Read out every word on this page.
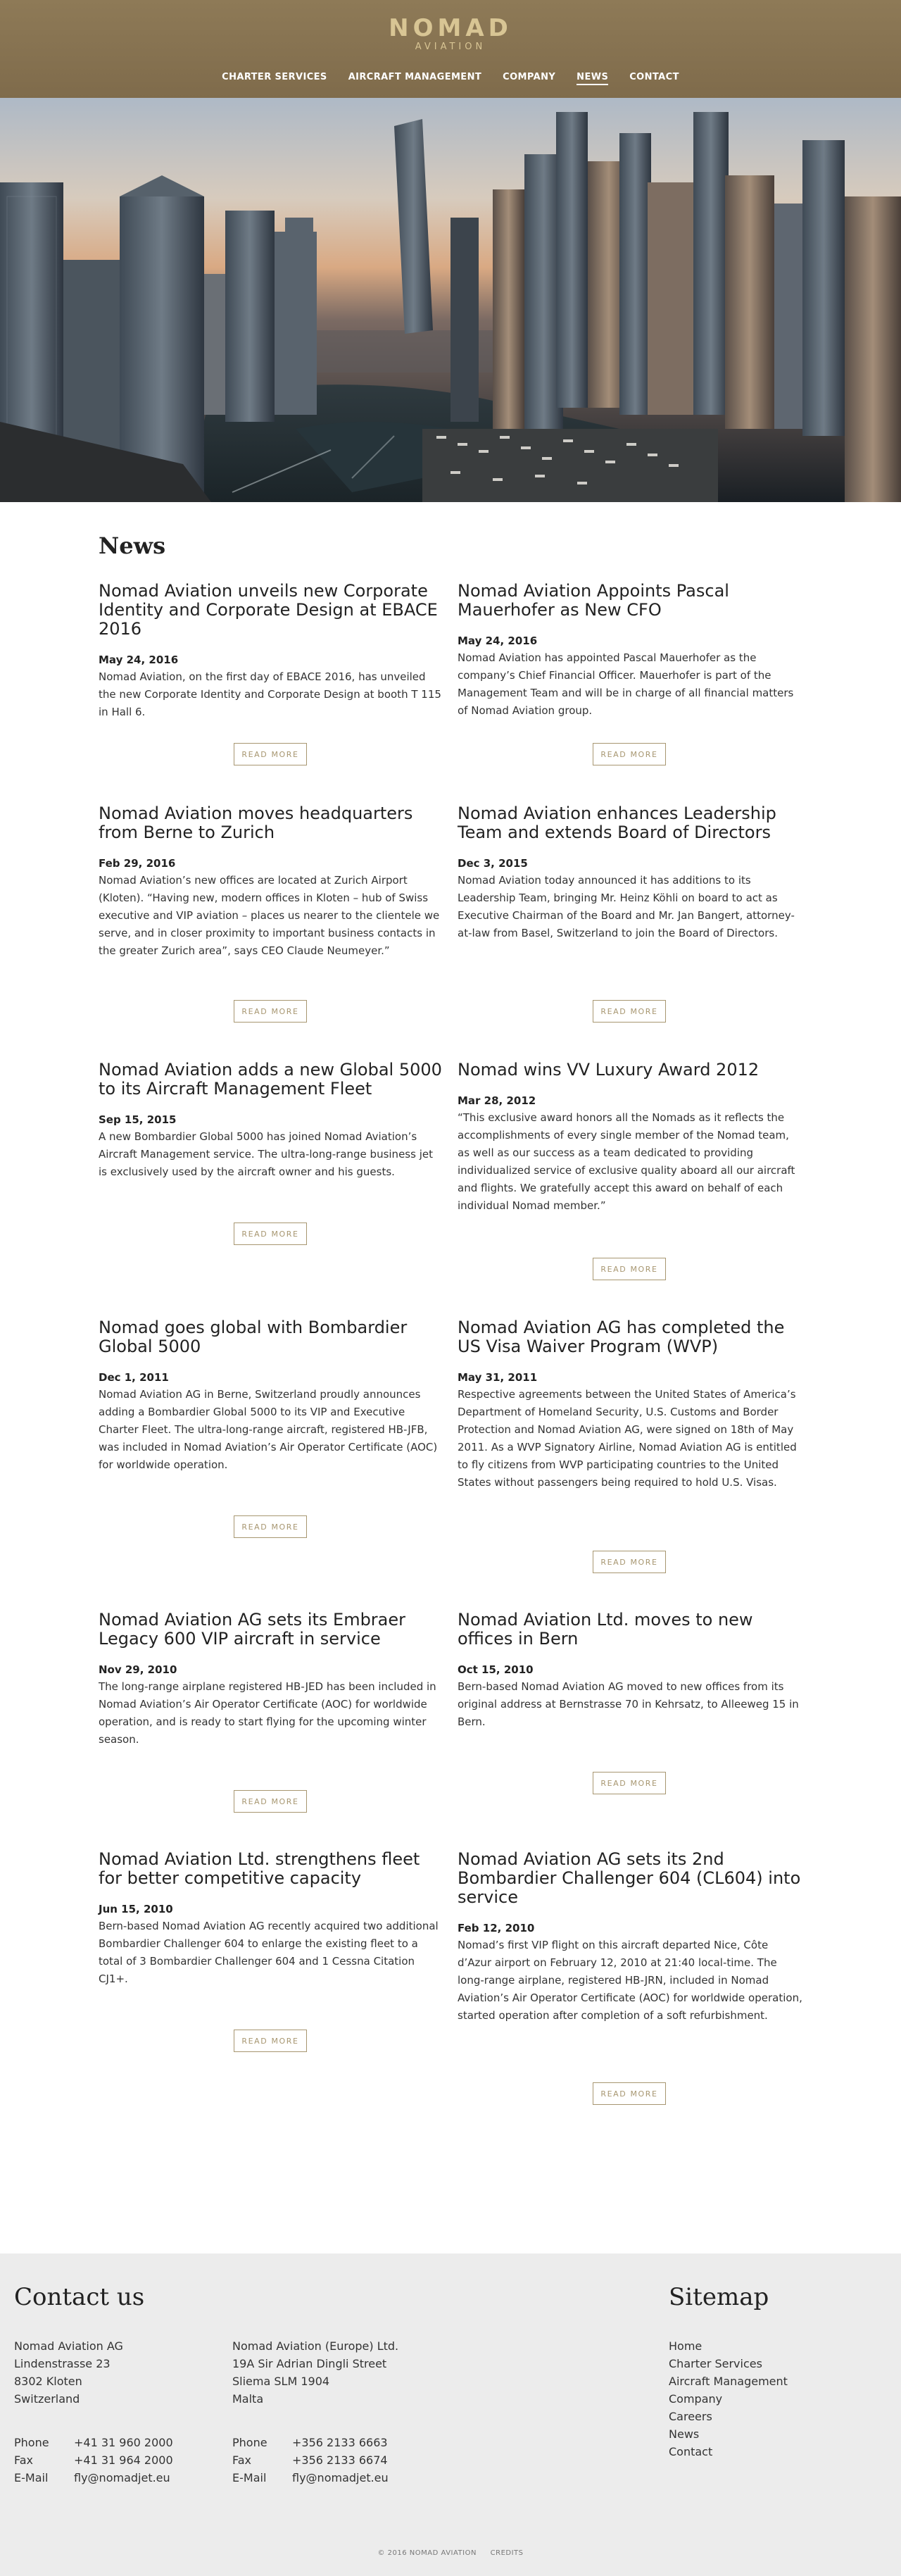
NOMAD
AVIATION
CHARTER SERVICES AIRCRAFT MANAGEMENT COMPANY NEWS CONTACT
News
Nomad Aviation unveils new Corporate Identity and Corporate Design at EBACE 2016
May 24, 2016
Nomad Aviation, on the first day of EBACE 2016, has unveiled the new Corporate Identity and Corporate Design at booth T 115 in Hall 6.
READ MORE
Nomad Aviation Appoints Pascal Mauerhofer as New CFO
May 24, 2016
Nomad Aviation has appointed Pascal Mauerhofer as the company’s Chief Financial Officer. Mauerhofer is part of the Management Team and will be in charge of all financial matters of Nomad Aviation group.
READ MORE
Nomad Aviation moves headquarters from Berne to Zurich
Feb 29, 2016
Nomad Aviation’s new offices are located at Zurich Airport (Kloten). “Having new, modern offices in Kloten – hub of Swiss executive and VIP aviation – places us nearer to the clientele we serve, and in closer proximity to important business contacts in the greater Zurich area”, says CEO Claude Neumeyer.”
READ MORE
Nomad Aviation enhances Leadership Team and extends Board of Directors
Dec 3, 2015
Nomad Aviation today announced it has additions to its Leadership Team, bringing Mr. Heinz Köhli on board to act as Executive Chairman of the Board and Mr. Jan Bangert, attorney-at-law from Basel, Switzerland to join the Board of Directors.
READ MORE
Nomad Aviation adds a new Global 5000 to its Aircraft Management Fleet
Sep 15, 2015
A new Bombardier Global 5000 has joined Nomad Aviation’s Aircraft Management service. The ultra-long-range business jet is exclusively used by the aircraft owner and his guests.
READ MORE
Nomad wins VV Luxury Award 2012
Mar 28, 2012
“This exclusive award honors all the Nomads as it reflects the accomplishments of every single member of the Nomad team, as well as our success as a team dedicated to providing individualized service of exclusive quality aboard all our aircraft and flights. We gratefully accept this award on behalf of each individual Nomad member.”
READ MORE
Nomad goes global with Bombardier Global 5000
Dec 1, 2011
Nomad Aviation AG in Berne, Switzerland proudly announces adding a Bombardier Global 5000 to its VIP and Executive Charter Fleet. The ultra-long-range aircraft, registered HB-JFB, was included in Nomad Aviation’s Air Operator Certificate (AOC) for worldwide operation.
READ MORE
Nomad Aviation AG has completed the US Visa Waiver Program (WVP)
May 31, 2011
Respective agreements between the United States of America’s Department of Homeland Security, U.S. Customs and Border Protection and Nomad Aviation AG, were signed on 18th of May 2011. As a WVP Signatory Airline, Nomad Aviation AG is entitled to fly citizens from WVP participating countries to the United States without passengers being required to hold U.S. Visas.
READ MORE
Nomad Aviation AG sets its Embraer Legacy 600 VIP aircraft in service
Nov 29, 2010
The long-range airplane registered HB-JED has been included in Nomad Aviation’s Air Operator Certificate (AOC) for worldwide operation, and is ready to start flying for the upcoming winter season.
READ MORE
Nomad Aviation Ltd. moves to new offices in Bern
Oct 15, 2010
Bern-based Nomad Aviation AG moved to new offices from its original address at Bernstrasse 70 in Kehrsatz, to Alleeweg 15 in Bern.
READ MORE
Nomad Aviation Ltd. strengthens fleet for better competitive capacity
Jun 15, 2010
Bern-based Nomad Aviation AG recently acquired two additional Bombardier Challenger 604 to enlarge the existing fleet to a total of 3 Bombardier Challenger 604 and 1 Cessna Citation CJ1+.
READ MORE
Nomad Aviation AG sets its 2nd Bombardier Challenger 604 (CL604) into service
Feb 12, 2010
Nomad’s first VIP flight on this aircraft departed Nice, Côte d’Azur airport on February 12, 2010 at 21:40 local-time. The long-range airplane, registered HB-JRN, included in Nomad Aviation’s Air Operator Certificate (AOC) for worldwide operation, started operation after completion of a soft refurbishment.
READ MORE
Contact us	Sitemap
Nomad Aviation AG
Lindenstrasse 23
8302 Kloten
Switzerland
Phone	+41 31 960 2000
Fax	+41 31 964 2000
E-Mail	fly@nomadjet.eu
Nomad Aviation (Europe) Ltd.
19A Sir Adrian Dingli Street
Sliema SLM 1904
Malta
Phone	+356 2133 6663
Fax	+356 2133 6674
E-Mail	fly@nomadjet.eu
Home
Charter Services
Aircraft Management
Company
Careers
News
Contact
© 2016 NOMAD AVIATION CREDITS
